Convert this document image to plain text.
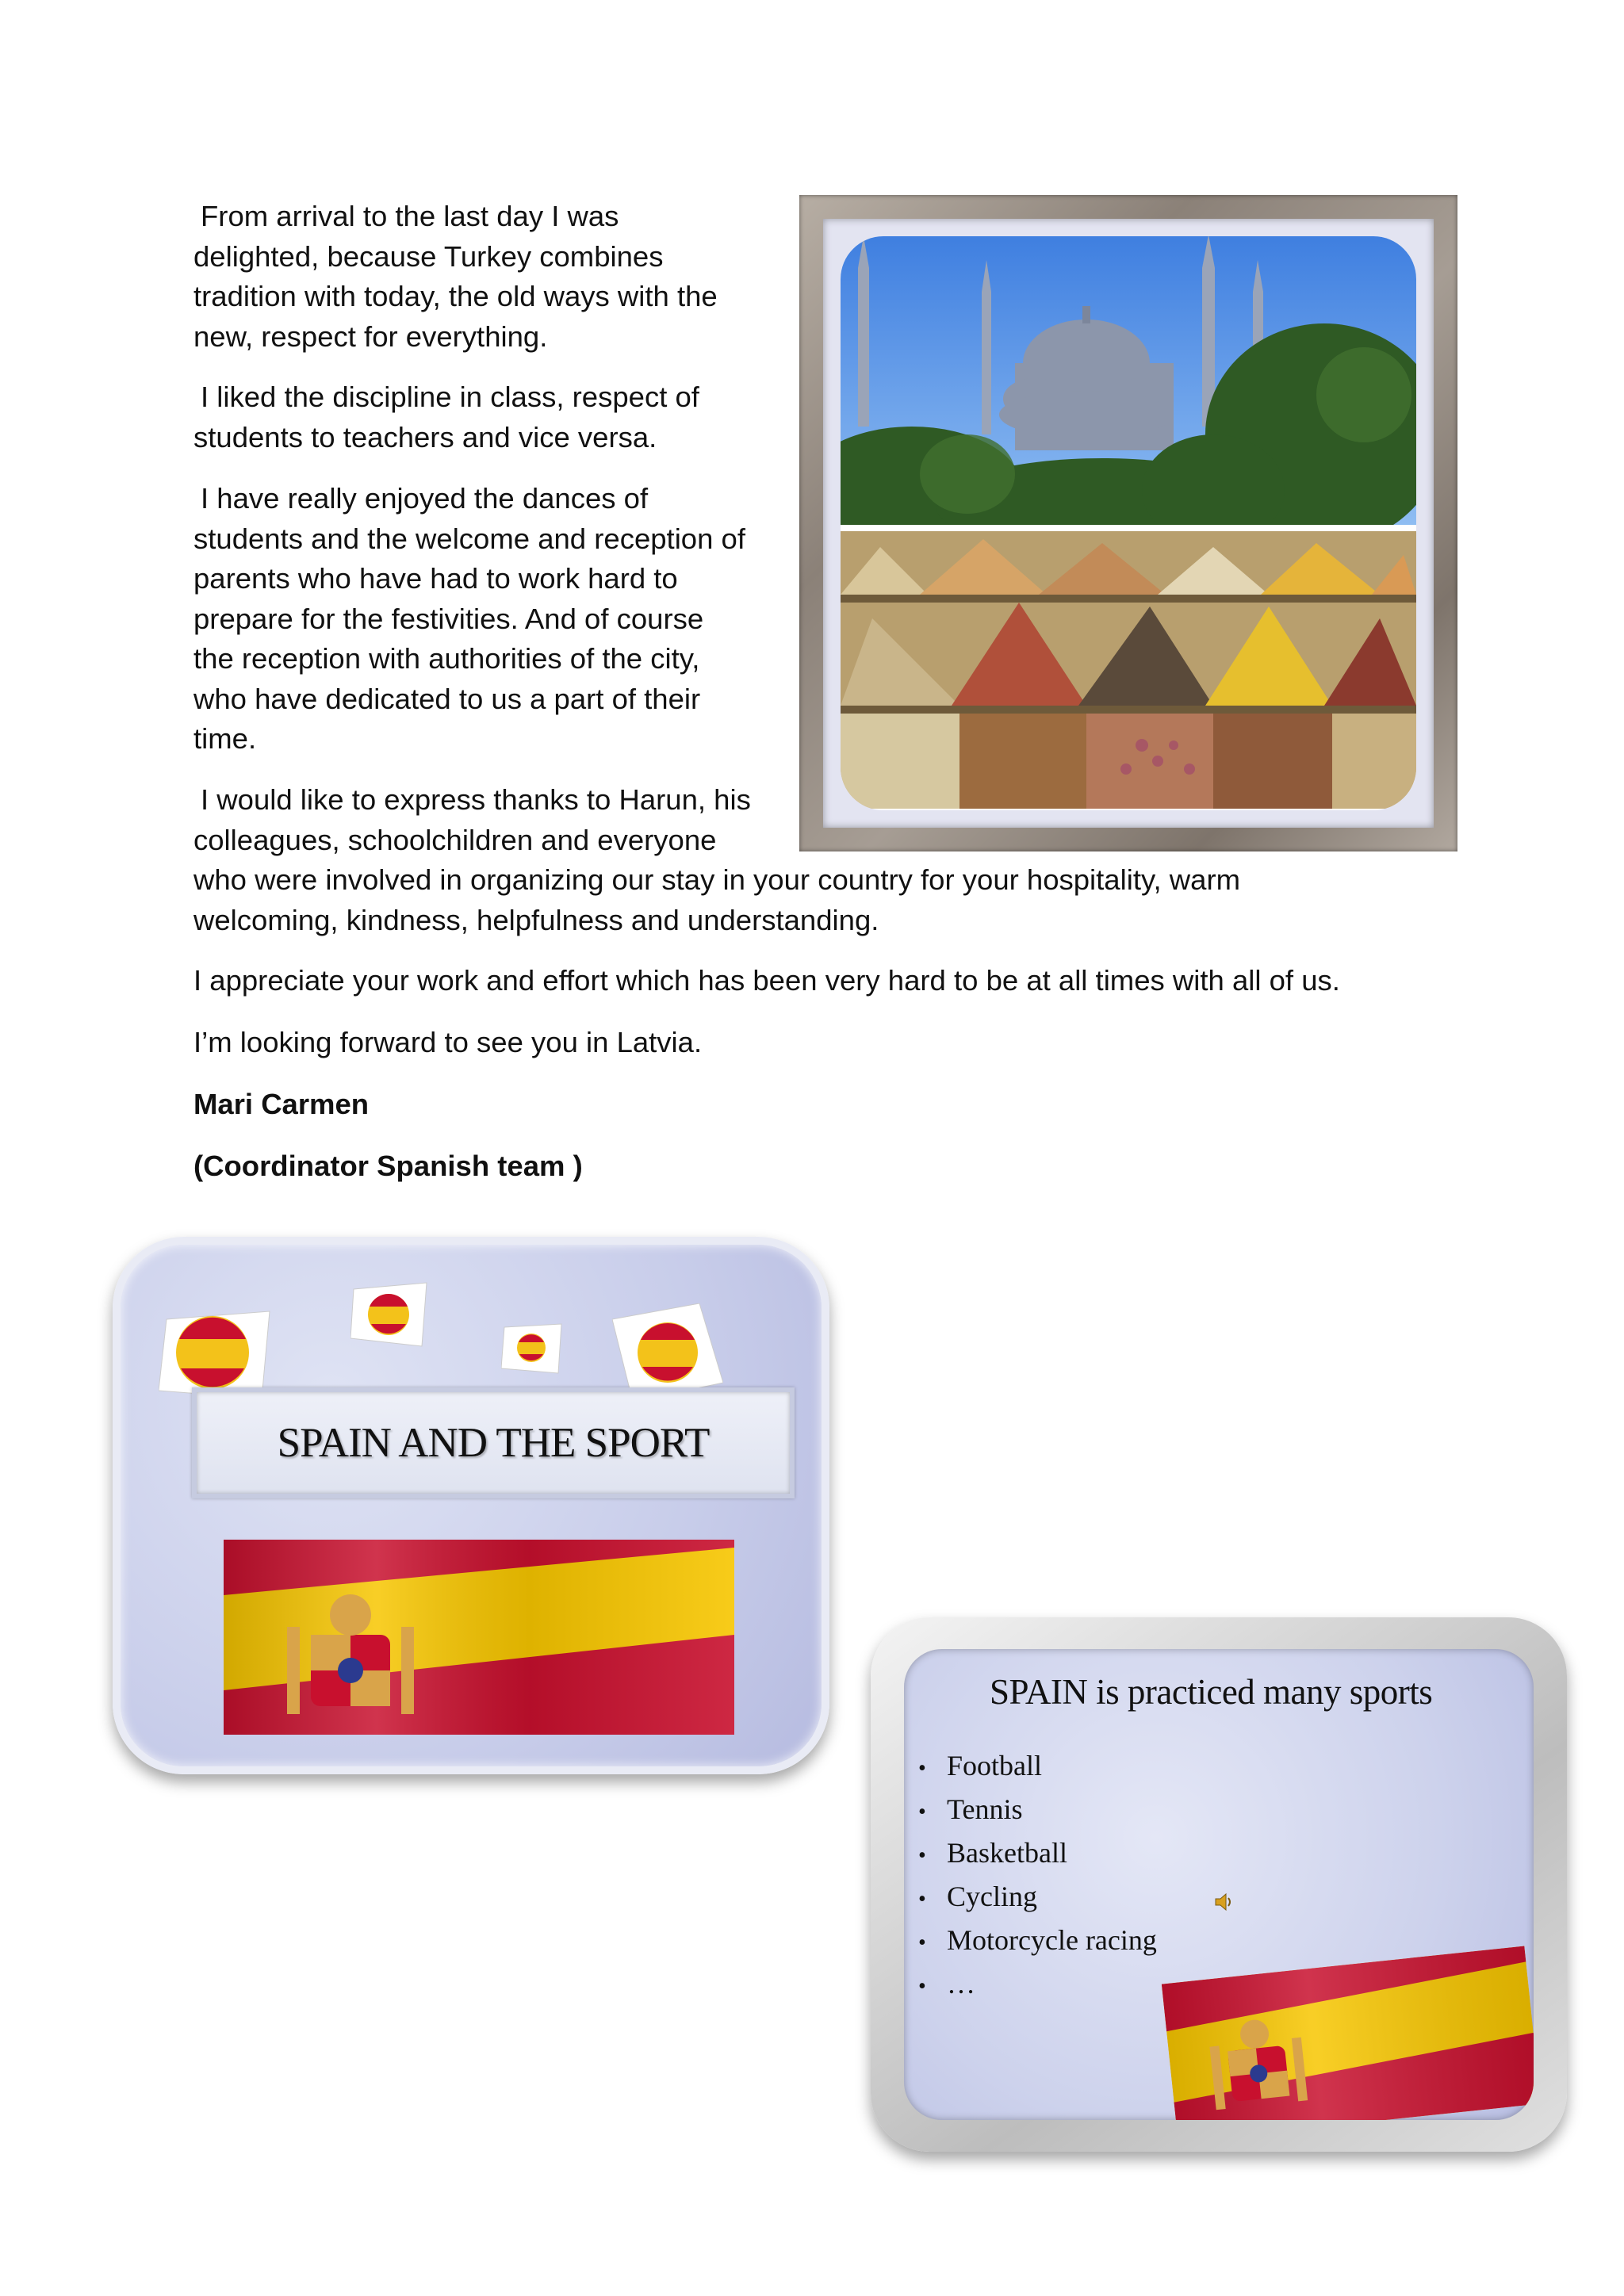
From arrival to the last day I was
delighted, because Turkey combines
tradition with today, the old ways with the
new, respect for everything.

I liked the discipline in class, respect of
students to teachers and vice versa.

I have really enjoyed the dances of
students and the welcome and reception of
parents who have had to work hard to
prepare for the festivities. And of course
the reception with authorities of the city,
who have dedicated to us a part of their
time.

I would like to express thanks to Harun, his
colleagues, schoolchildren and everyone
who were involved in organizing our stay in your country for your hospitality, warm
welcoming, kindness, helpfulness and understanding.

I appreciate your work and effort which has been very hard to be at all times with all of us.

I’m looking forward to see you in Latvia.

Mari Carmen

(Coordinator Spanish team )

SPAIN AND THE SPORT

SPAIN is practiced many sports

• Football
• Tennis
• Basketball
• Cycling
• Motorcycle racing
• …
